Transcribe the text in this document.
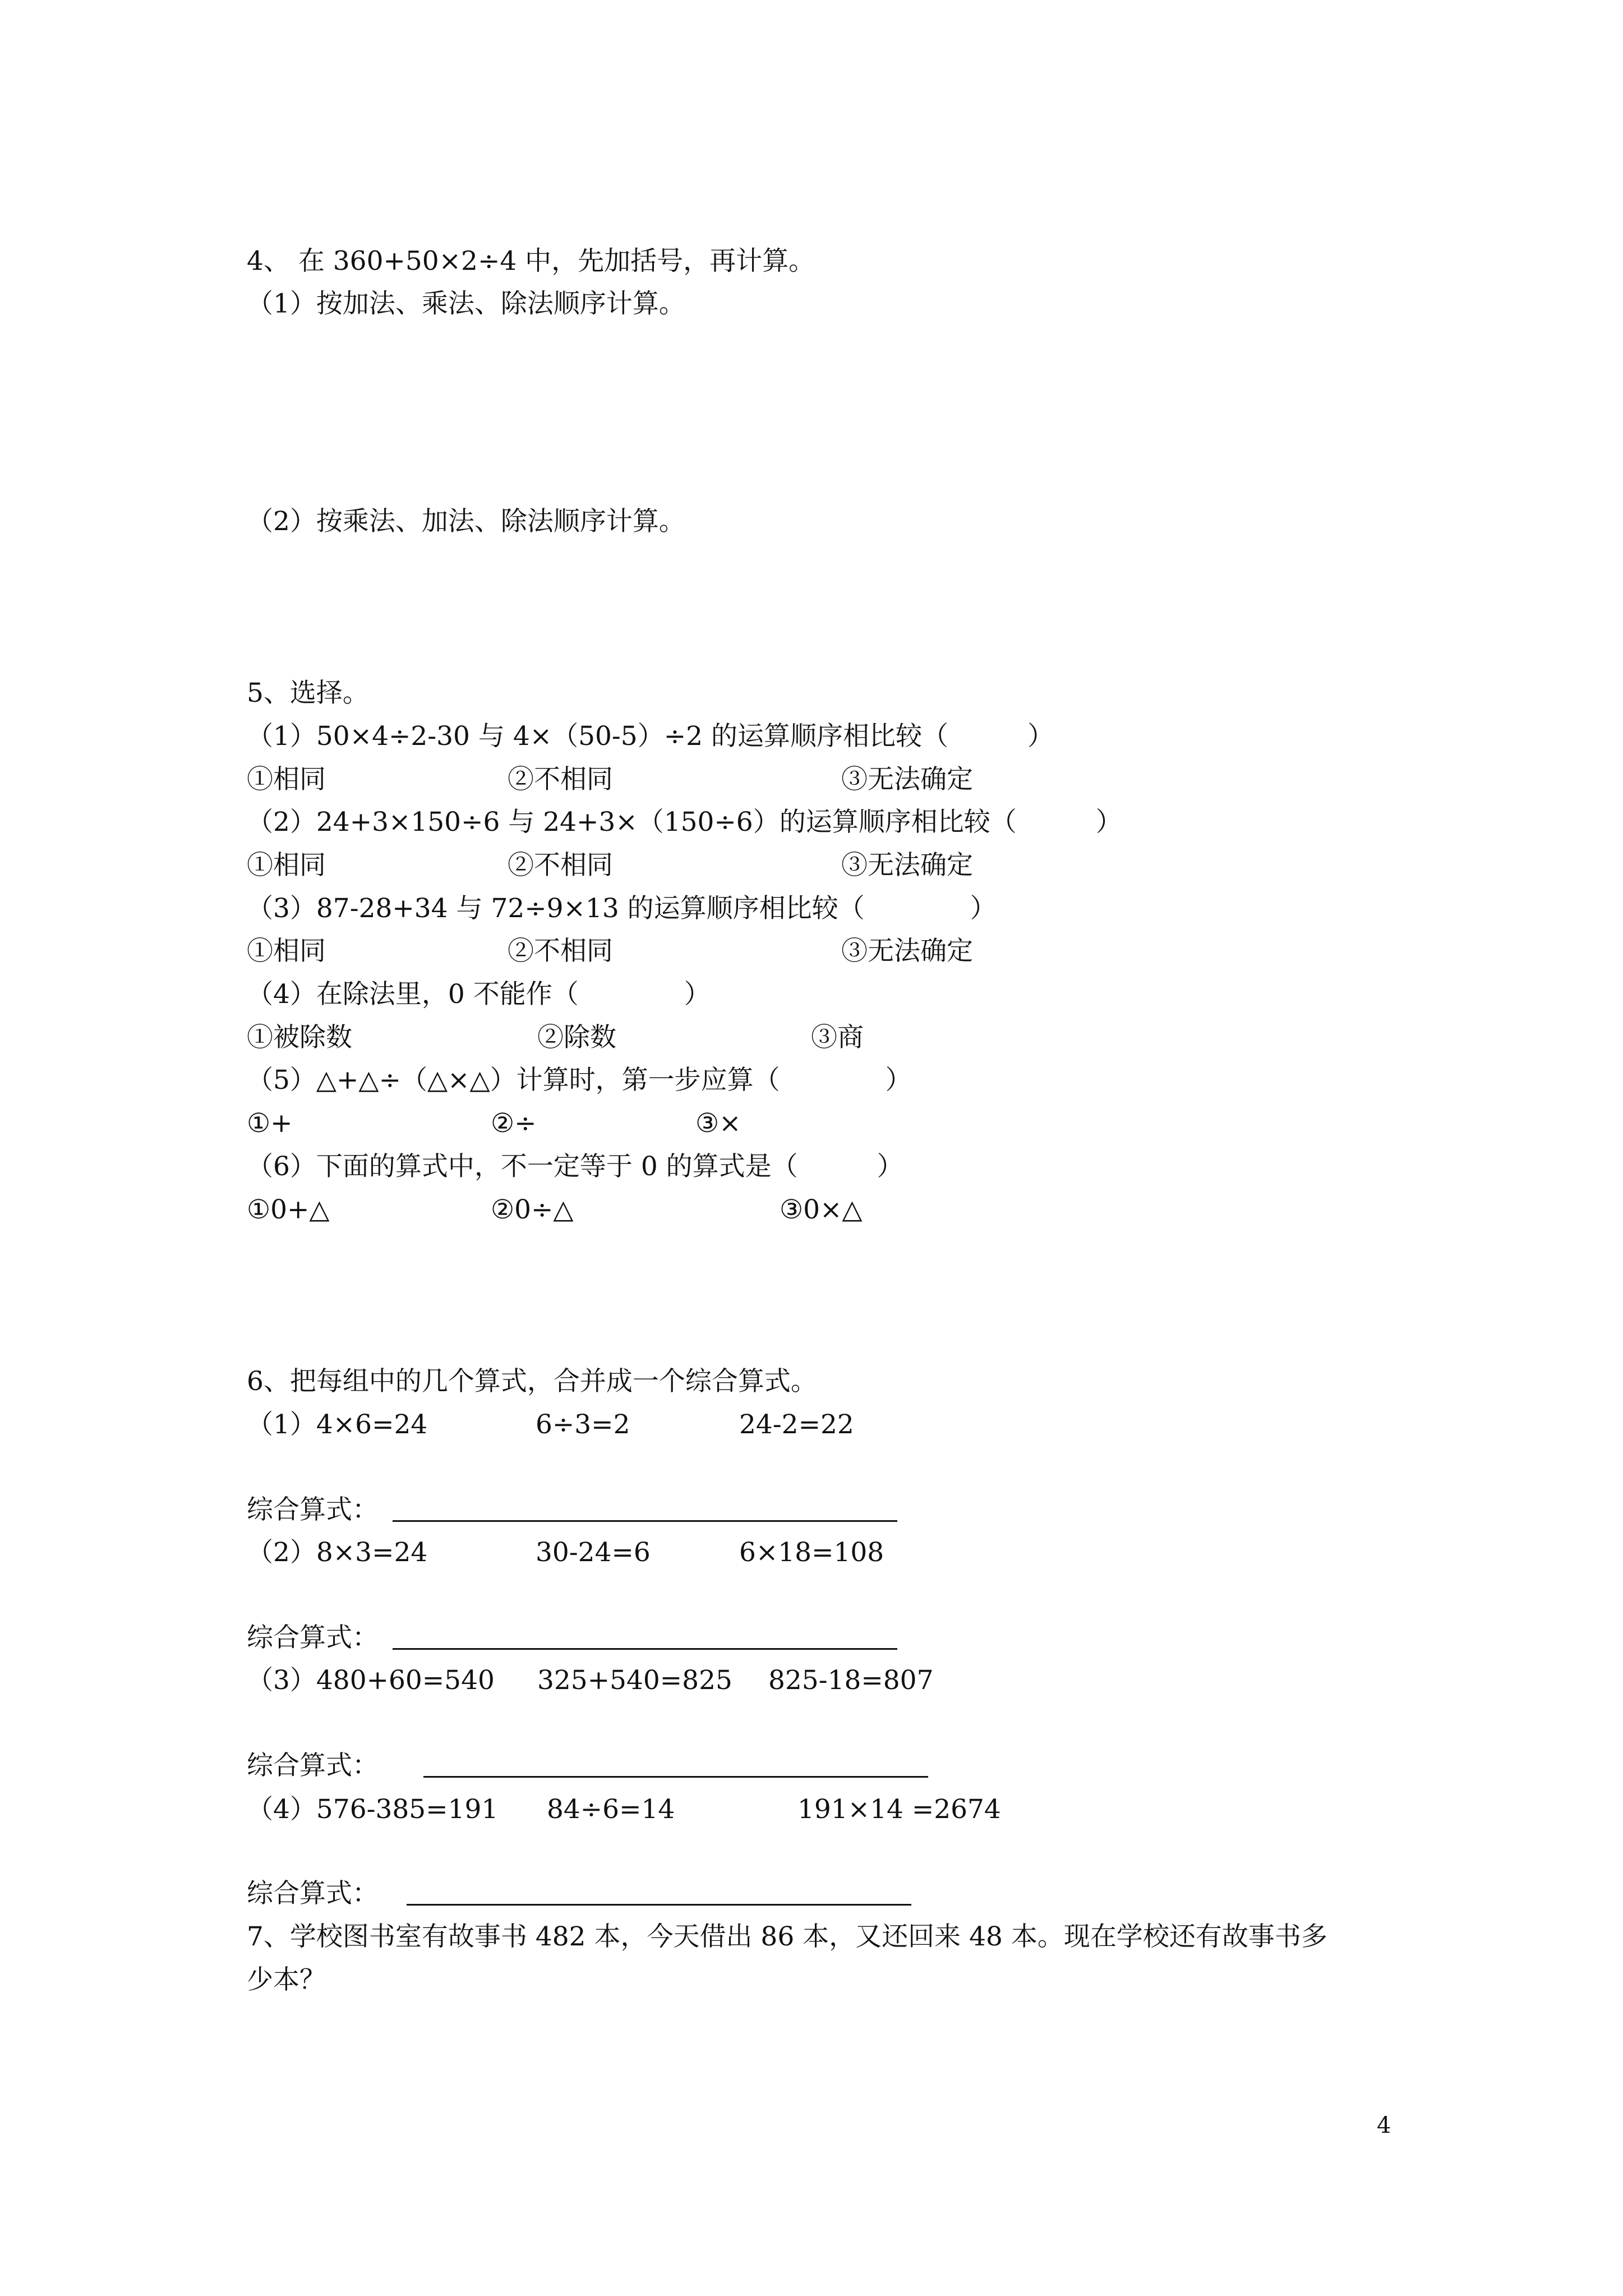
4、 在 360+50×2÷4 中，先加括号，再计算。
（1）按加法、乘法、除法顺序计算。
（2）按乘法、加法、除法顺序计算。
5、选择。
（1）50×4÷2-30 与 4×（50-5）÷2 的运算顺序相比较（　　　）
①相同	②不相同	③无法确定
（2）24+3×150÷6 与 24+3×（150÷6）的运算顺序相比较（　　　）
①相同	②不相同	③无法确定
（3）87-28+34 与 72÷9×13 的运算顺序相比较（　　　　）
①相同	②不相同	③无法确定
（4）在除法里，0 不能作（　　　　）
①被除数	②除数	③商
（5）△+△÷（△×△）计算时，第一步应算（　　　　）
①+	②÷	③×
（6）下面的算式中，不一定等于 0 的算式是（　　　）
①0+△	②0÷△	③0×△
6、把每组中的几个算式，合并成一个综合算式。
（1）4×6=24	6÷3=2	24-2=22
综合算式：
（2）8×3=24	30-24=6	6×18=108
综合算式：
（3）480+60=540 325+540=825 825-18=807
综合算式：
（4）576-385=191 84÷6=14	191×14 =2674
综合算式：
7、学校图书室有故事书 482 本，今天借出 86 本，又还回来 48 本。现在学校还有故事书多
少本？
4
